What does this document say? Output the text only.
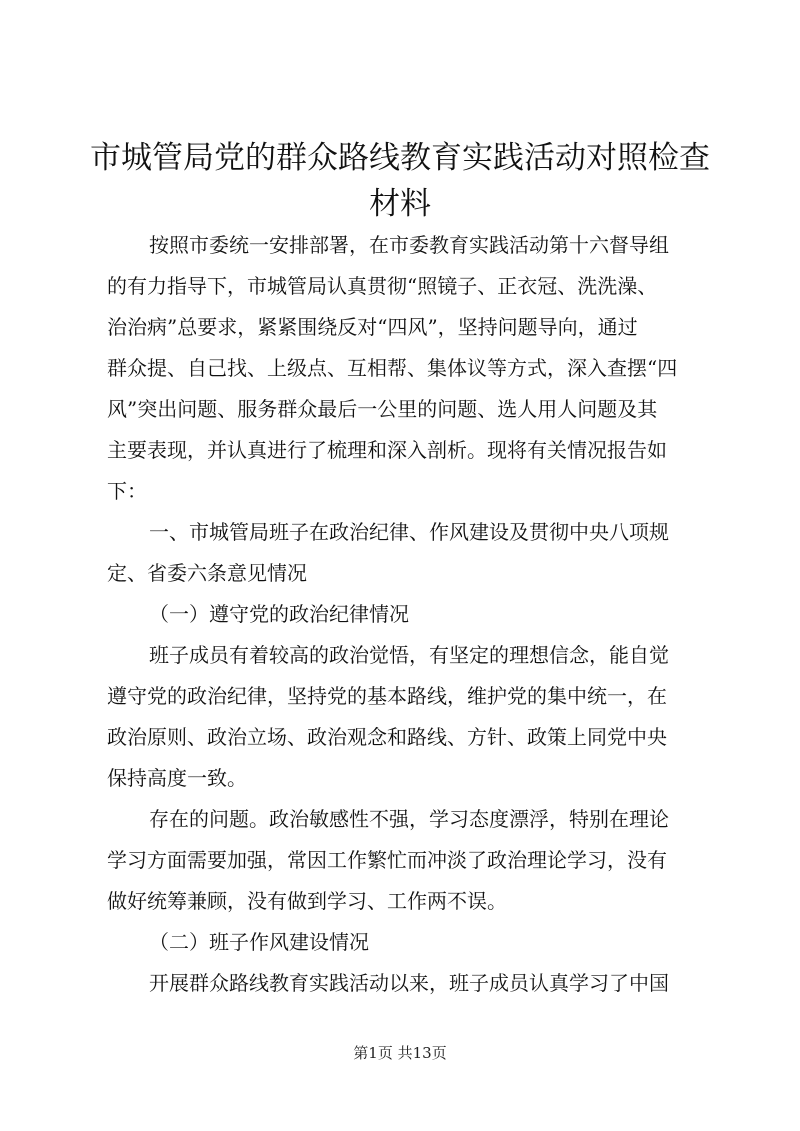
市城管局党的群众路线教育实践活动对照检查
材料

按照市委统一安排部署，在市委教育实践活动第十六督导组

的有力指导下，市城管局认真贯彻“照镜子、正衣冠、洗洗澡、

治治病”总要求，紧紧围绕反对“四风”，坚持问题导向，通过

群众提、自己找、上级点、互相帮、集体议等方式，深入查摆“四

风”突出问题、服务群众最后一公里的问题、选人用人问题及其

主要表现，并认真进行了梳理和深入剖析。现将有关情况报告如

下：

一、市城管局班子在政治纪律、作风建设及贯彻中央八项规

定、省委六条意见情况

（一）遵守党的政治纪律情况

班子成员有着较高的政治觉悟，有坚定的理想信念，能自觉

遵守党的政治纪律，坚持党的基本路线，维护党的集中统一，在

政治原则、政治立场、政治观念和路线、方针、政策上同党中央

保持高度一致。

存在的问题。政治敏感性不强，学习态度漂浮，特别在理论

学习方面需要加强，常因工作繁忙而冲淡了政治理论学习，没有

做好统筹兼顾，没有做到学习、工作两不误。

（二）班子作风建设情况

开展群众路线教育实践活动以来，班子成员认真学习了中国

第1页 共13页
